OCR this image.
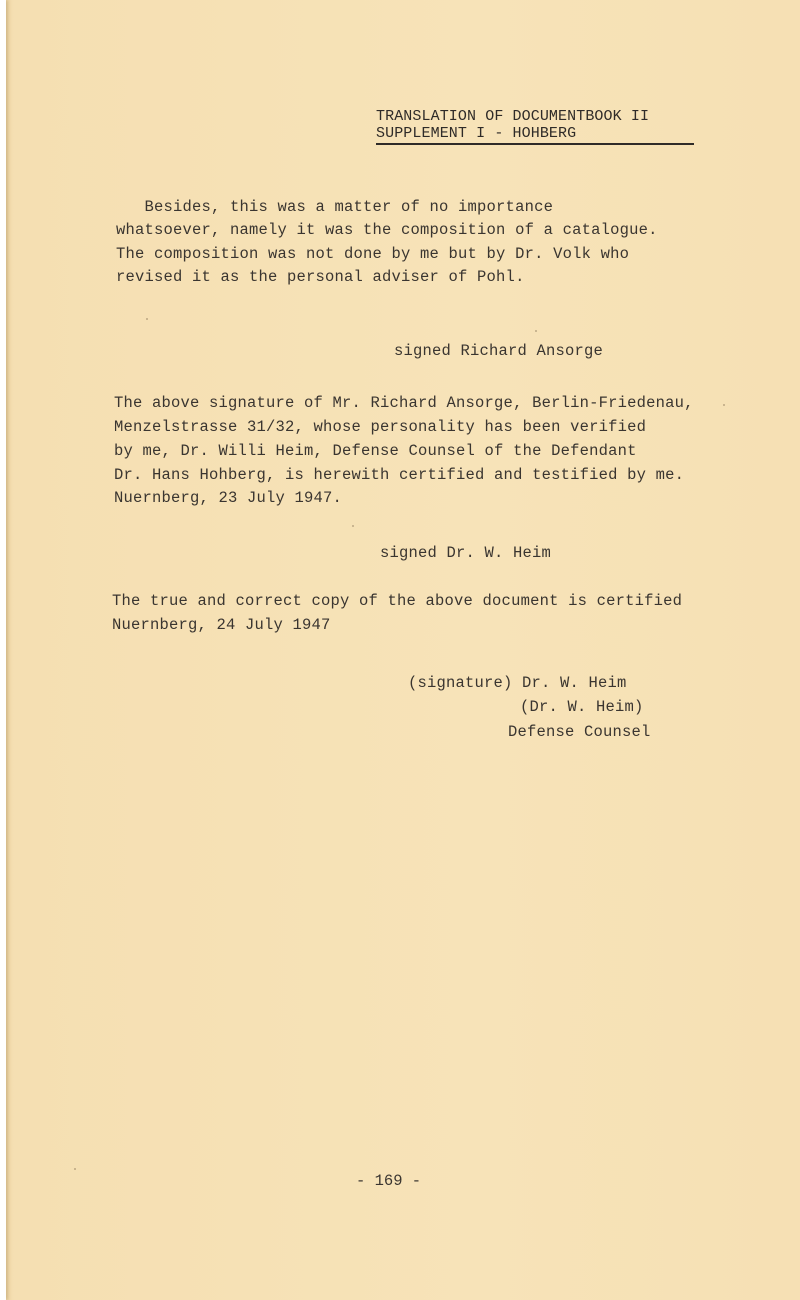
TRANSLATION OF DOCUMENTBOOK II
SUPPLEMENT I - HOHBERG
Besides, this was a matter of no importance
whatsoever, namely it was the composition of a catalogue.
The composition was not done by me but by Dr. Volk who
revised it as the personal adviser of Pohl.
signed Richard Ansorge
The above signature of Mr. Richard Ansorge, Berlin-Friedenau,
Menzelstrasse 31/32, whose personality has been verified
by me, Dr. Willi Heim, Defense Counsel of the Defendant
Dr. Hans Hohberg, is herewith certified and testified by me.
Nuernberg, 23 July 1947.
signed Dr. W. Heim
The true and correct copy of the above document is certified
Nuernberg, 24 July 1947
(signature) Dr. W. Heim
(Dr. W. Heim)
Defense Counsel
- 169 -
